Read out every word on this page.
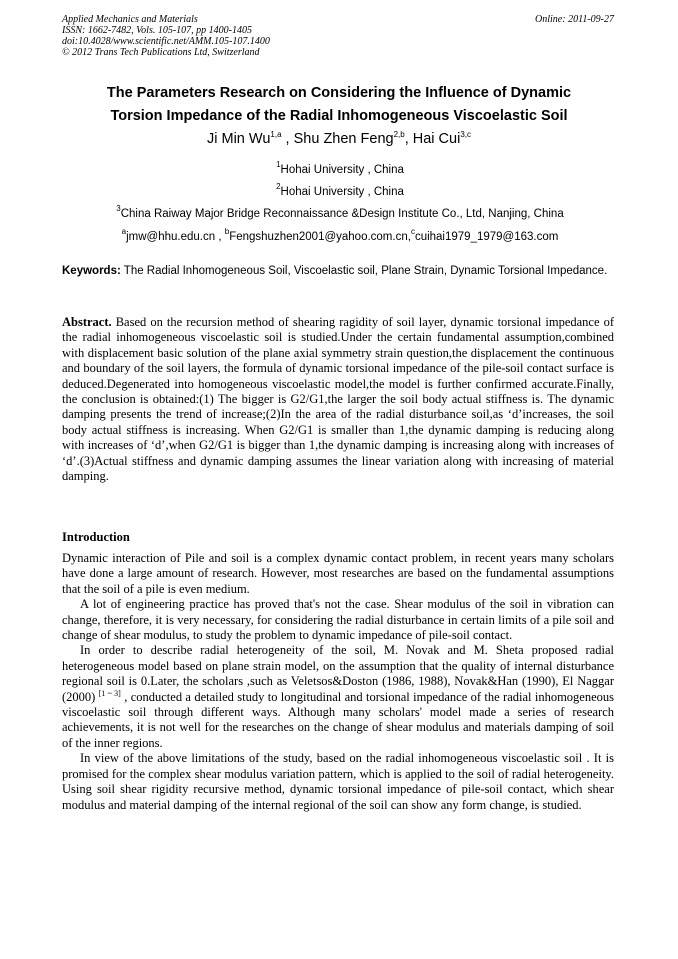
Applied Mechanics and Materials
ISSN: 1662-7482, Vols. 105-107, pp 1400-1405
doi:10.4028/www.scientific.net/AMM.105-107.1400
© 2012 Trans Tech Publications Ltd, Switzerland
Online: 2011-09-27
The Parameters Research on Considering the Influence of Dynamic
Torsion Impedance of the Radial Inhomogeneous Viscoelastic Soil
Ji Min Wu$^{1,a}$ , Shu Zhen Feng$^{2,b}$, Hai Cui$^{3,c}$
$^1$Hohai University , China
$^2$Hohai University , China
$^3$China Raiway Major Bridge Reconnaissance &Design Institute Co., Ltd, Nanjing, China
$^a$jmw@hhu.edu.cn , $^b$Fengshuzhen2001@yahoo.com.cn,$^c$cuihai1979_1979@163.com
Keywords: The Radial Inhomogeneous Soil, Viscoelastic soil, Plane Strain, Dynamic Torsional Impedance.
Abstract. Based on the recursion method of shearing ragidity of soil layer, dynamic torsional impedance of the radial inhomogeneous viscoelastic soil is studied.Under the certain fundamental assumption,combined with displacement basic solution of the plane axial symmetry strain question,the displacement the continuous and boundary of the soil layers, the formula of dynamic torsional impedance of the pile-soil contact surface is deduced.Degenerated into homogeneous viscoelastic model,the model is further confirmed accurate.Finally, the conclusion is obtained:(1) The bigger is G2/G1,the larger the soil body actual stiffness is. The dynamic damping presents the trend of increase;(2)In the area of the radial disturbance soil,as ‘d’increases, the soil body actual stiffness is increasing. When G2/G1 is smaller than 1,the dynamic damping is reducing along with increases of ‘d’,when G2/G1 is bigger than 1,the dynamic damping is increasing along with increases of ‘d’.(3)Actual stiffness and dynamic damping assumes the linear variation along with increasing of material damping.
Introduction

Dynamic interaction of Pile and soil is a complex dynamic contact problem, in recent years many scholars have done a large amount of research. However, most researches are based on the fundamental assumptions that the soil of a pile is even medium.

A lot of engineering practice has proved that's not the case. Shear modulus of the soil in vibration can change, therefore, it is very necessary, for considering the radial disturbance in certain limits of a pile soil and change of shear modulus, to study the problem to dynamic impedance of pile-soil contact.

In order to describe radial heterogeneity of the soil, M. Novak and M. Sheta proposed radial heterogeneous model based on plane strain model, on the assumption that the quality of internal disturbance regional soil is 0.Later, the scholars ,such as Veletsos&Doston (1986, 1988), Novak&Han (1990), El Naggar (2000) [1 ~ 3] , conducted a detailed study to longitudinal and torsional impedance of the radial inhomogeneous viscoelastic soil through different ways. Although many scholars' model made a series of research achievements, it is not well for the researches on the change of shear modulus and materials damping of soil of the inner regions.

In view of the above limitations of the study, based on the radial inhomogeneous viscoelastic soil . It is promised for the complex shear modulus variation pattern, which is applied to the soil of radial heterogeneity. Using soil shear rigidity recursive method, dynamic torsional impedance of pile-soil contact, which shear modulus and material damping of the internal regional of the soil can show any form change, is studied.
